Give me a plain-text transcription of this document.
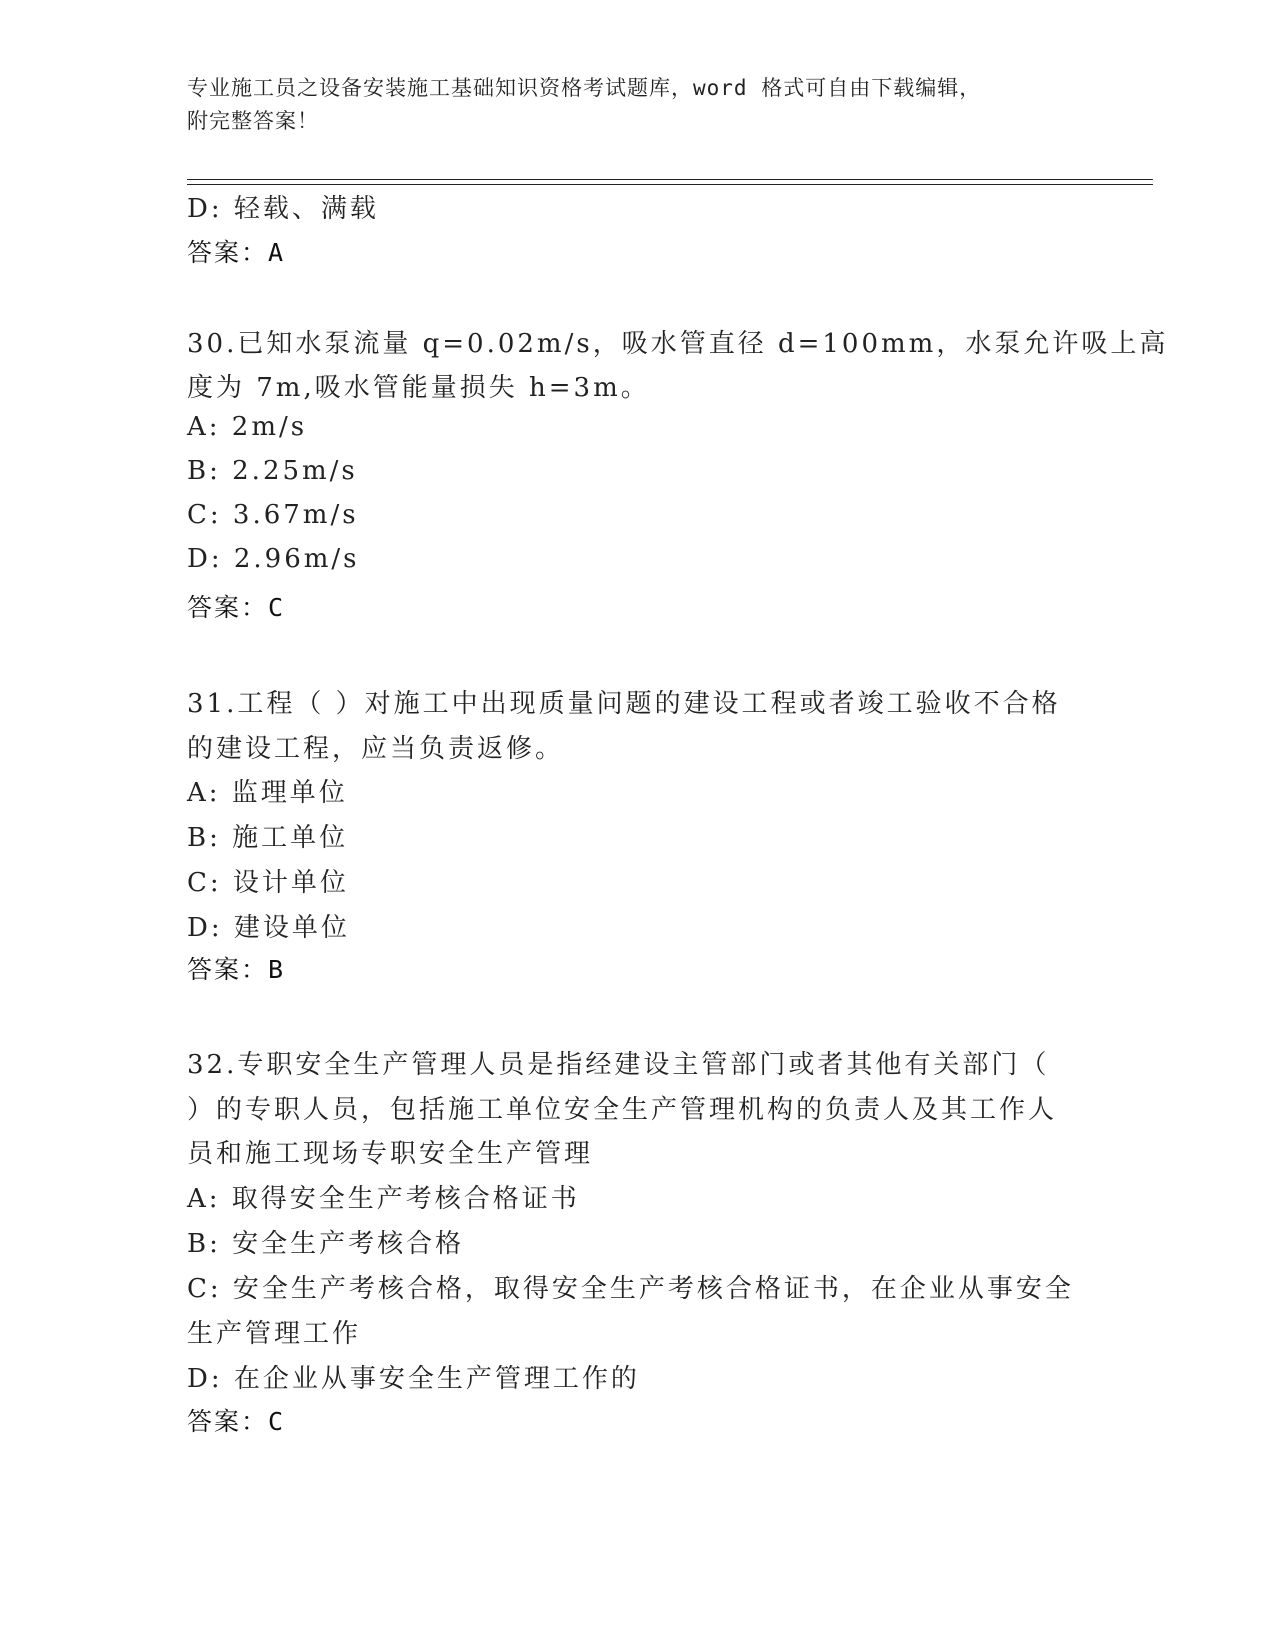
专业施工员之设备安装施工基础知识资格考试题库，word 格式可自由下载编辑，
附完整答案！
D: 轻载、满载
答案：A
30.已知水泵流量 q=0.02m/s，吸水管直径 d=100mm，水泵允许吸上高
度为 7m,吸水管能量损失 h=3m。
A: 2m/s
B: 2.25m/s
C: 3.67m/s
D: 2.96m/s
答案：C
31.工程（ ）对施工中出现质量问题的建设工程或者竣工验收不合格
的建设工程，应当负责返修。
A: 监理单位
B: 施工单位
C: 设计单位
D: 建设单位
答案：B
32.专职安全生产管理人员是指经建设主管部门或者其他有关部门（
）的专职人员，包括施工单位安全生产管理机构的负责人及其工作人
员和施工现场专职安全生产管理
A: 取得安全生产考核合格证书
B: 安全生产考核合格
C: 安全生产考核合格，取得安全生产考核合格证书，在企业从事安全
生产管理工作
D: 在企业从事安全生产管理工作的
答案：C
